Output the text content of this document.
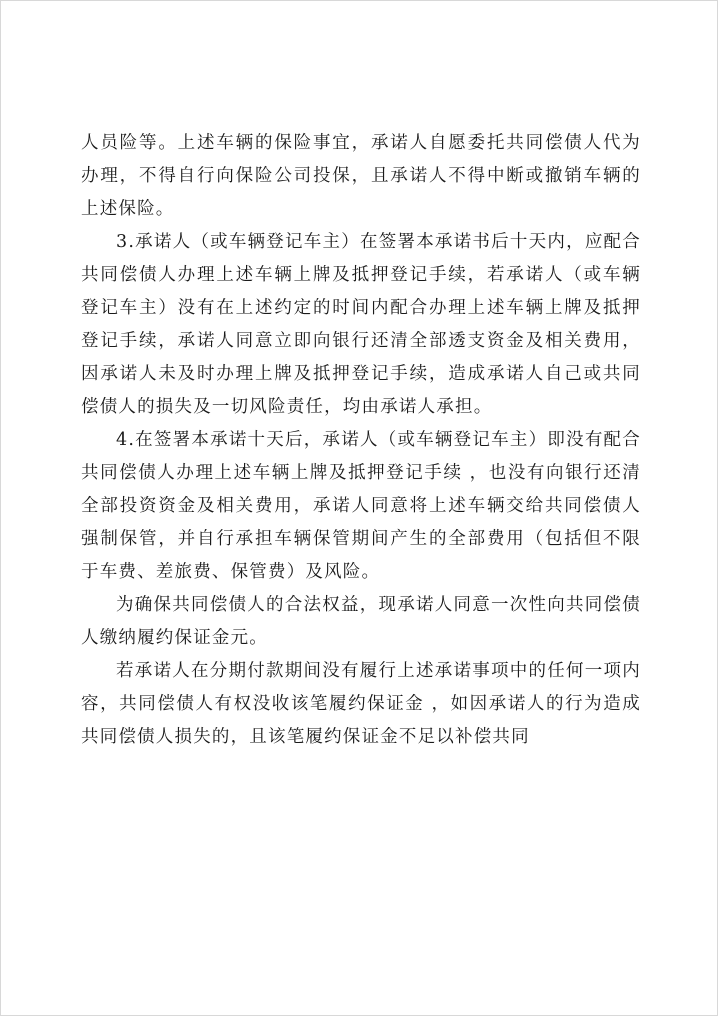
人员险等。上述车辆的保险事宜，承诺人自愿委托共同偿债人代为办理，不得自行向保险公司投保，且承诺人不得中断或撤销车辆的上述保险。

3.承诺人（或车辆登记车主）在签署本承诺书后十天内，应配合共同偿债人办理上述车辆上牌及抵押登记手续，若承诺人（或车辆登记车主）没有在上述约定的时间内配合办理上述车辆上牌及抵押登记手续，承诺人同意立即向银行还清全部透支资金及相关费用，因承诺人未及时办理上牌及抵押登记手续，造成承诺人自己或共同偿债人的损失及一切风险责任，均由承诺人承担。

4.在签署本承诺十天后，承诺人（或车辆登记车主）即没有配合共同偿债人办理上述车辆上牌及抵押登记手续 ，也没有向银行还清全部投资资金及相关费用，承诺人同意将上述车辆交给共同偿债人强制保管，并自行承担车辆保管期间产生的全部费用（包括但不限于车费、差旅费、保管费）及风险。

为确保共同偿债人的合法权益，现承诺人同意一次性向共同偿债人缴纳履约保证金元。

若承诺人在分期付款期间没有履行上述承诺事项中的任何一项内容，共同偿债人有权没收该笔履约保证金 ，如因承诺人的行为造成共同偿债人损失的，且该笔履约保证金不足以补偿共同
